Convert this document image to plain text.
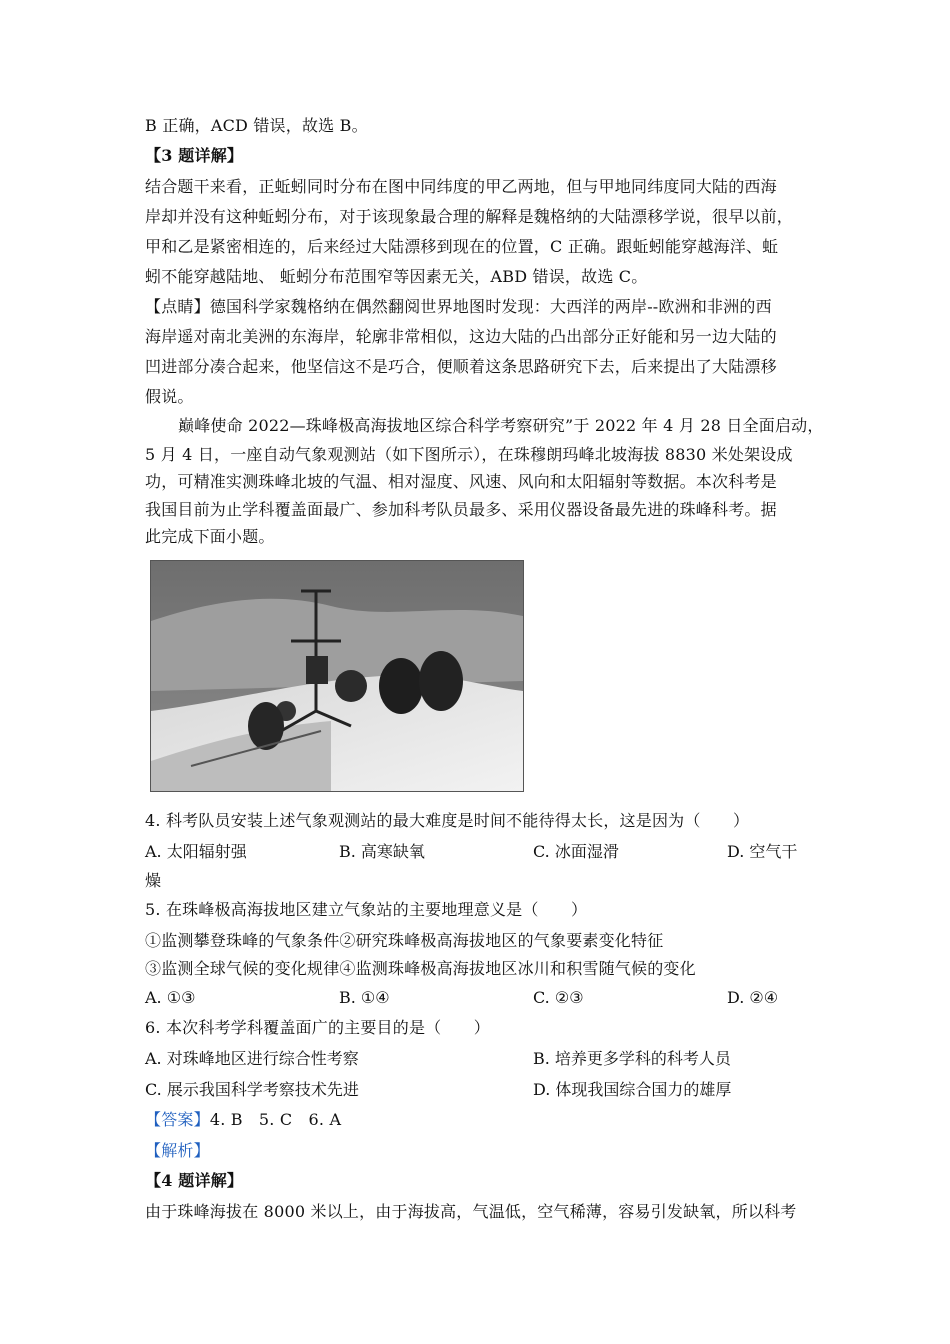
B 正确，ACD 错误，故选 B。
【3 题详解】
结合题干来看，正蚯蚓同时分布在图中同纬度的甲乙两地，但与甲地同纬度同大陆的西海
岸却并没有这种蚯蚓分布，对于该现象最合理的解释是魏格纳的大陆漂移学说，很早以前，
甲和乙是紧密相连的，后来经过大陆漂移到现在的位置，C 正确。跟蚯蚓能穿越海洋、蚯
蚓不能穿越陆地、 蚯蚓分布范围窄等因素无关，ABD 错误，故选 C。
【点睛】德国科学家魏格纳在偶然翻阅世界地图时发现：大西洋的两岸--欧洲和非洲的西
海岸遥对南北美洲的东海岸，轮廓非常相似，这边大陆的凸出部分正好能和另一边大陆的
凹进部分凑合起来，他坚信这不是巧合，便顺着这条思路研究下去，后来提出了大陆漂移
假说。
巅峰使命 2022—珠峰极高海拔地区综合科学考察研究”于 2022 年 4 月 28 日全面启动，
5 月 4 日，一座自动气象观测站（如下图所示），在珠穆朗玛峰北坡海拔 8830 米处架设成
功，可精准实测珠峰北坡的气温、相对湿度、风速、风向和太阳辐射等数据。本次科考是
我国目前为止学科覆盖面最广、参加科考队员最多、采用仪器设备最先进的珠峰科考。据
此完成下面小题。
4. 科考队员安装上述气象观测站的最大难度是时间不能待得太长，这是因为（　　）
A. 太阳辐射强	B. 高寒缺氧	C. 冰面湿滑	D. 空气干
燥
5. 在珠峰极高海拔地区建立气象站的主要地理意义是（　　）
①监测攀登珠峰的气象条件②研究珠峰极高海拔地区的气象要素变化特征
③监测全球气候的变化规律④监测珠峰极高海拔地区冰川和积雪随气候的变化
A. ①③	B. ①④	C. ②③	D. ②④
6. 本次科考学科覆盖面广的主要目的是（　　）
A. 对珠峰地区进行综合性考察	B. 培养更多学科的科考人员
C. 展示我国科学考察技术先进	D. 体现我国综合国力的雄厚
【答案】4. B　5. C　6. A
【解析】
【4 题详解】
由于珠峰海拔在 8000 米以上，由于海拔高，气温低，空气稀薄，容易引发缺氧，所以科考
